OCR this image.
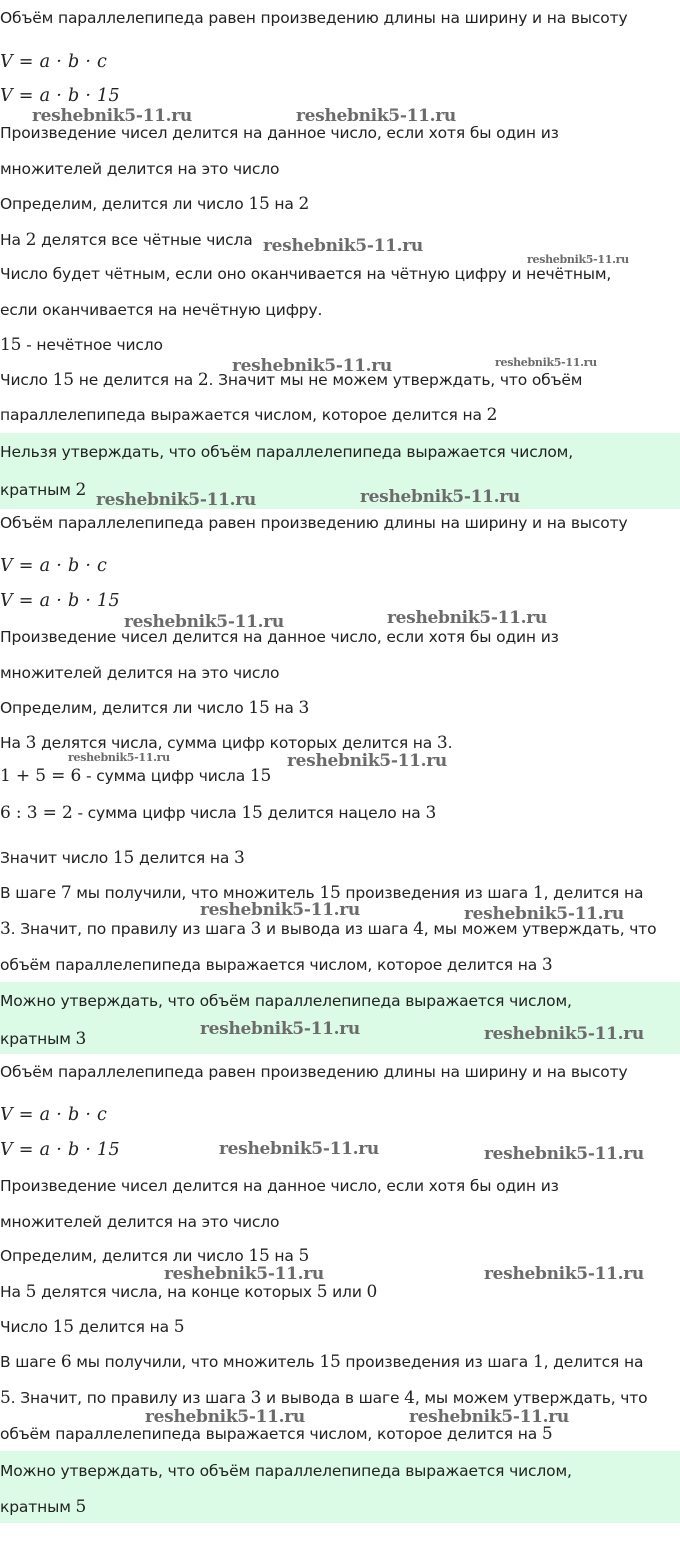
Объём параллелепипеда равен произведению длины на ширину и на высоту
V = a · b · c
V = a · b · 15
Произведение чисел делится на данное число, если хотя бы один из
множителей делится на это число
Определим, делится ли число 15 на 2
На 2 делятся все чётные числа
Число будет чётным, если оно оканчивается на чётную цифру и нечётным,
если оканчивается на нечётную цифру.
15 - нечётное число
Число 15 не делится на 2. Значит мы не можем утверждать, что объём
параллелепипеда выражается числом, которое делится на 2
Нельзя утверждать, что объём параллелепипеда выражается числом,
кратным 2
Объём параллелепипеда равен произведению длины на ширину и на высоту
V = a · b · c
V = a · b · 15
Произведение чисел делится на данное число, если хотя бы один из
множителей делится на это число
Определим, делится ли число 15 на 3
На 3 делятся числа, сумма цифр которых делится на 3.
1 + 5 = 6 - сумма цифр числа 15
6 : 3 = 2 - сумма цифр числа 15 делится нацело на 3
Значит число 15 делится на 3
В шаге 7 мы получили, что множитель 15 произведения из шага 1, делится на
3. Значит, по правилу из шага 3 и вывода из шага 4, мы можем утверждать, что
объём параллелепипеда выражается числом, которое делится на 3
Можно утверждать, что объём параллелепипеда выражается числом,
кратным 3
Объём параллелепипеда равен произведению длины на ширину и на высоту
V = a · b · c
V = a · b · 15
Произведение чисел делится на данное число, если хотя бы один из
множителей делится на это число
Определим, делится ли число 15 на 5
На 5 делятся числа, на конце которых 5 или 0
Число 15 делится на 5
В шаге 6 мы получили, что множитель 15 произведения из шага 1, делится на
5. Значит, по правилу из шага 3 и вывода в шаге 4, мы можем утверждать, что
объём параллелепипеда выражается числом, которое делится на 5
Можно утверждать, что объём параллелепипеда выражается числом,
кратным 5
reshebnik5-11.ru	reshebnik5-11.ru
reshebnik5-11.ru
reshebnik5-11.ru
reshebnik5-11.ru	reshebnik5-11.ru
reshebnik5-11.ru	reshebnik5-11.ru
reshebnik5-11.ru	reshebnik5-11.ru
reshebnik5-11.ru	reshebnik5-11.ru
reshebnik5-11.ru	reshebnik5-11.ru
reshebnik5-11.ru	reshebnik5-11.ru
reshebnik5-11.ru	reshebnik5-11.ru
reshebnik5-11.ru	reshebnik5-11.ru
reshebnik5-11.ru	reshebnik5-11.ru
